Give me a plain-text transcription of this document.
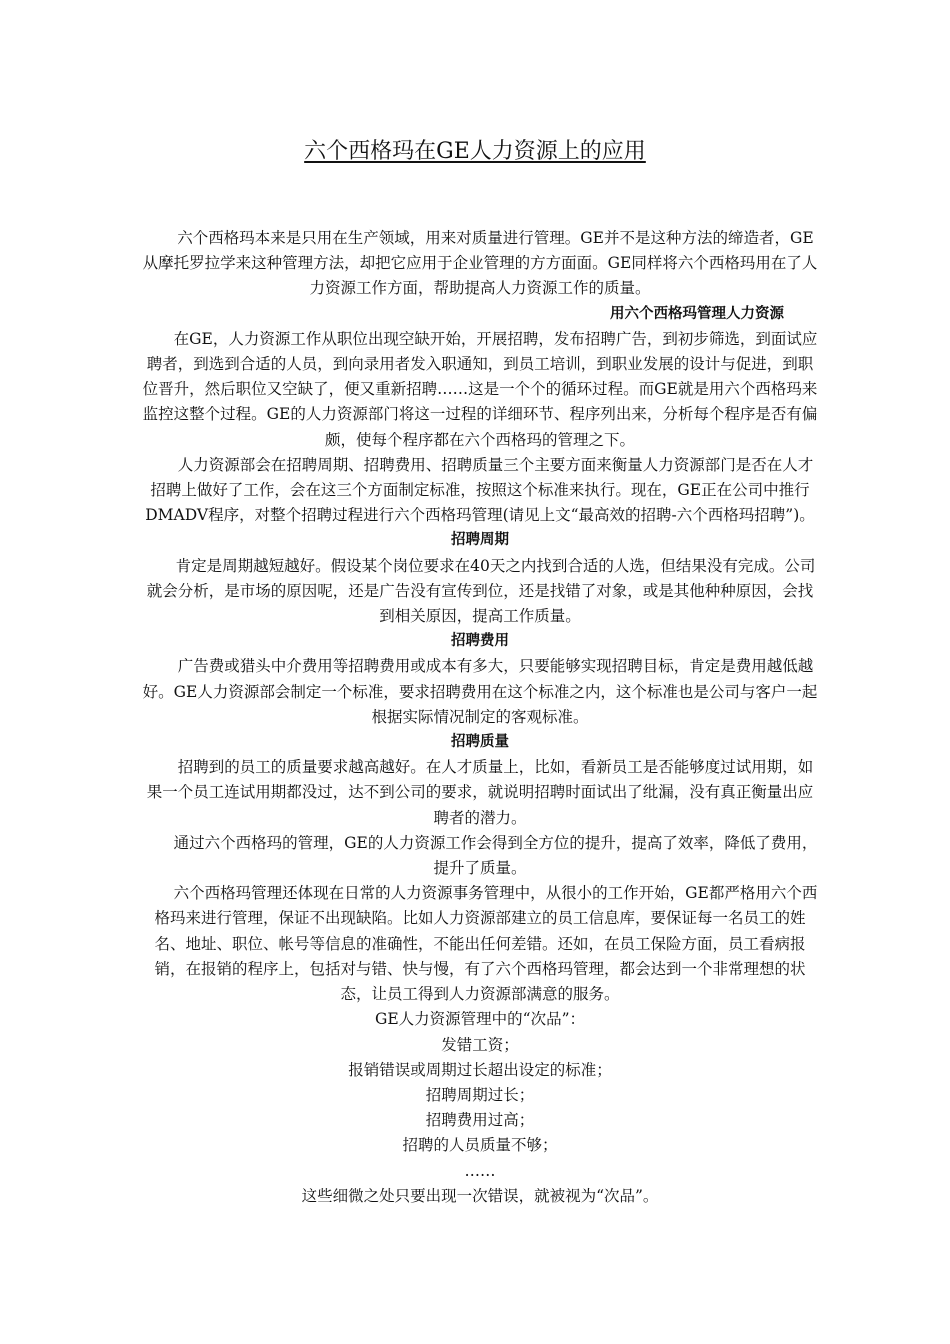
六个西格玛在GE人力资源上的应用

六个西格玛本来是只用在生产领域，用来对质量进行管理。GE并不是这种方法的缔造者，GE从摩托罗拉学来这种管理方法，却把它应用于企业管理的方方面面。GE同样将六个西格玛用在了人力资源工作方面，帮助提高人力资源工作的质量。

用六个西格玛管理人力资源

在GE，人力资源工作从职位出现空缺开始，开展招聘，发布招聘广告，到初步筛选，到面试应聘者，到选到合适的人员，到向录用者发入职通知，到员工培训，到职业发展的设计与促进，到职位晋升，然后职位又空缺了，便又重新招聘……这是一个个的循环过程。而GE就是用六个西格玛来监控这整个过程。GE的人力资源部门将这一过程的详细环节、程序列出来，分析每个程序是否有偏颇，使每个程序都在六个西格玛的管理之下。

人力资源部会在招聘周期、招聘费用、招聘质量三个主要方面来衡量人力资源部门是否在人才招聘上做好了工作，会在这三个方面制定标准，按照这个标准来执行。现在，GE正在公司中推行DMADV程序，对整个招聘过程进行六个西格玛管理(请见上文“最高效的招聘-六个西格玛招聘”)。

招聘周期

肯定是周期越短越好。假设某个岗位要求在40天之内找到合适的人选，但结果没有完成。公司就会分析，是市场的原因呢，还是广告没有宣传到位，还是找错了对象，或是其他种种原因，会找到相关原因，提高工作质量。

招聘费用

广告费或猎头中介费用等招聘费用或成本有多大，只要能够实现招聘目标，肯定是费用越低越好。GE人力资源部会制定一个标准，要求招聘费用在这个标准之内，这个标准也是公司与客户一起根据实际情况制定的客观标准。

招聘质量

招聘到的员工的质量要求越高越好。在人才质量上，比如，看新员工是否能够度过试用期，如果一个员工连试用期都没过，达不到公司的要求，就说明招聘时面试出了纰漏，没有真正衡量出应聘者的潜力。

通过六个西格玛的管理，GE的人力资源工作会得到全方位的提升，提高了效率，降低了费用，提升了质量。

六个西格玛管理还体现在日常的人力资源事务管理中，从很小的工作开始，GE都严格用六个西格玛来进行管理，保证不出现缺陷。比如人力资源部建立的员工信息库，要保证每一名员工的姓名、地址、职位、帐号等信息的准确性，不能出任何差错。还如，在员工保险方面，员工看病报销，在报销的程序上，包括对与错、快与慢，有了六个西格玛管理，都会达到一个非常理想的状态，让员工得到人力资源部满意的服务。

GE人力资源管理中的“次品”：

发错工资；

报销错误或周期过长超出设定的标准；

招聘周期过长；

招聘费用过高；

招聘的人员质量不够；

……

这些细微之处只要出现一次错误，就被视为“次品”。
